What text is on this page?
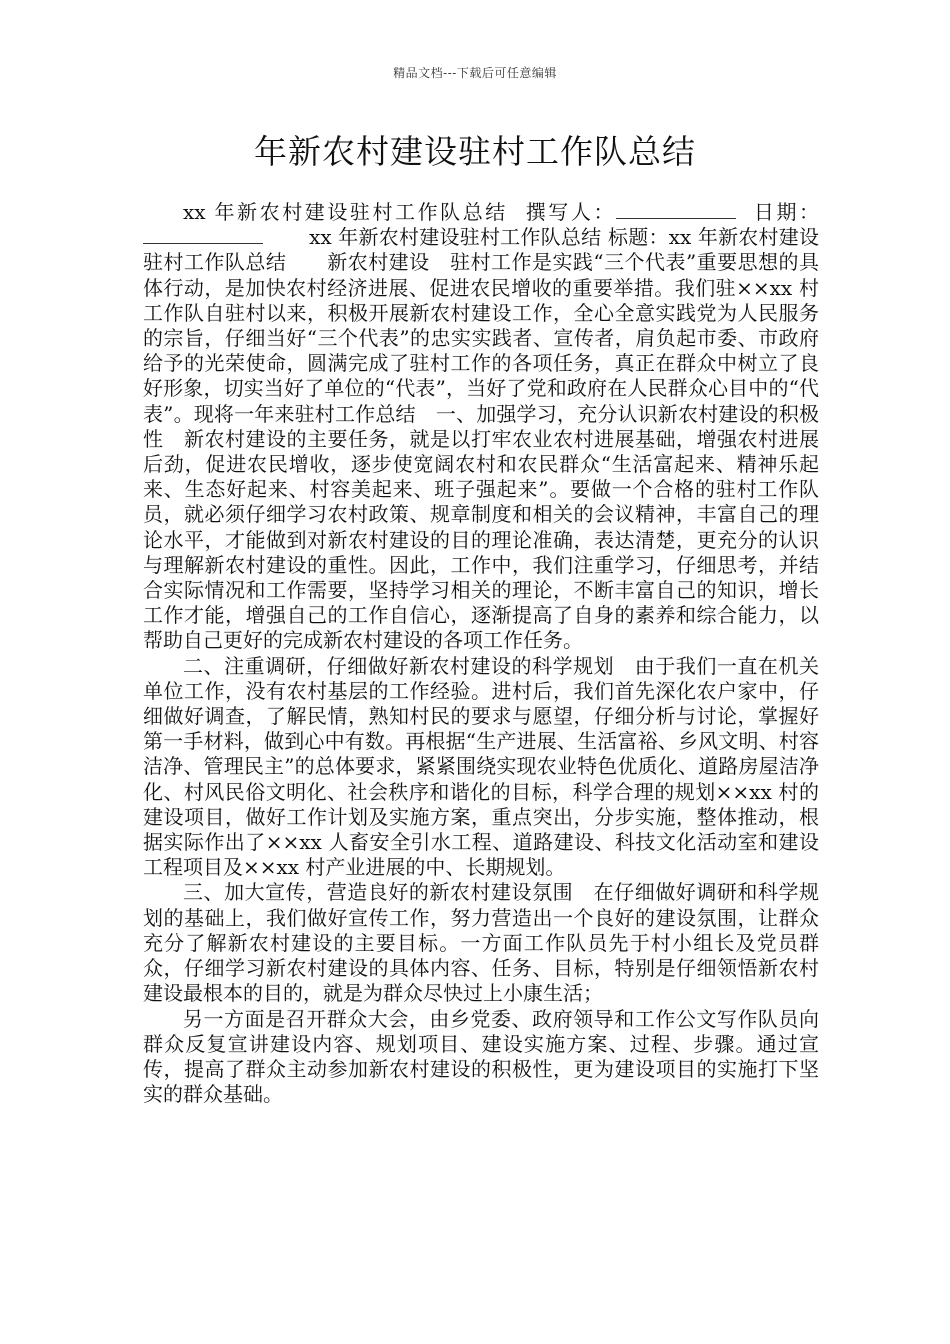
精品文档---下载后可任意编辑
年新农村建设驻村工作队总结

xx 年新农村建设驻村工作队总结 撰写人：	日期：       xx 年新农村建设驻村工作队总结 标题：xx 年新农村建设驻村工作队总结　　 新农村建设　驻村工作是实践“三个代表”重要思想的具体行动，是加快农村经济进展、促进农民增收的重要举措。我们驻××xx 村工作队自驻村以来，积极开展新农村建设工作，全心全意实践党为人民服务的宗旨，仔细当好“三个代表”的忠实实践者、宣传者，肩负起市委、市政府给予的光荣使命，圆满完成了驻村工作的各项任务，真正在群众中树立了良好形象，切实当好了单位的“代表”，当好了党和政府在人民群众心目中的“代表”。现将一年来驻村工作总结　一、加强学习，充分认识新农村建设的积极性　新农村建设的主要任务，就是以打牢农业农村进展基础，增强农村进展后劲，促进农民增收，逐步使宽阔农村和农民群众“生活富起来、精神乐起来、生态好起来、村容美起来、班子强起来”。要做一个合格的驻村工作队员，就必须仔细学习农村政策、规章制度和相关的会议精神，丰富自己的理论水平，才能做到对新农村建设的目的理论准确，表达清楚，更充分的认识与理解新农村建设的重性。因此，工作中，我们注重学习，仔细思考，并结合实际情况和工作需要，坚持学习相关的理论，不断丰富自己的知识，增长工作才能，增强自己的工作自信心，逐渐提高了自身的素养和综合能力，以帮助自己更好的完成新农村建设的各项工作任务。

二、注重调研，仔细做好新农村建设的科学规划　由于我们一直在机关单位工作，没有农村基层的工作经验。进村后，我们首先深化农户家中，仔细做好调查，了解民情，熟知村民的要求与愿望，仔细分析与讨论，掌握好第一手材料，做到心中有数。再根据“生产进展、生活富裕、乡风文明、村容洁净、管理民主”的总体要求，紧紧围绕实现农业特色优质化、道路房屋洁净化、村风民俗文明化、社会秩序和谐化的目标，科学合理的规划××xx 村的建设项目，做好工作计划及实施方案，重点突出，分步实施，整体推动，根据实际作出了××xx 人畜安全引水工程、道路建设、科技文化活动室和建设工程项目及××xx 村产业进展的中、长期规划。

三、加大宣传，营造良好的新农村建设氛围　在仔细做好调研和科学规划的基础上，我们做好宣传工作，努力营造出一个良好的建设氛围，让群众充分了解新农村建设的主要目标。一方面工作队员先于村小组长及党员群众，仔细学习新农村建设的具体内容、任务、目标，特别是仔细领悟新农村建设最根本的目的，就是为群众尽快过上小康生活；

另一方面是召开群众大会，由乡党委、政府领导和工作公文写作队员向群众反复宣讲建设内容、规划项目、建设实施方案、过程、步骤。通过宣传，提高了群众主动参加新农村建设的积极性，更为建设项目的实施打下坚实的群众基础。
